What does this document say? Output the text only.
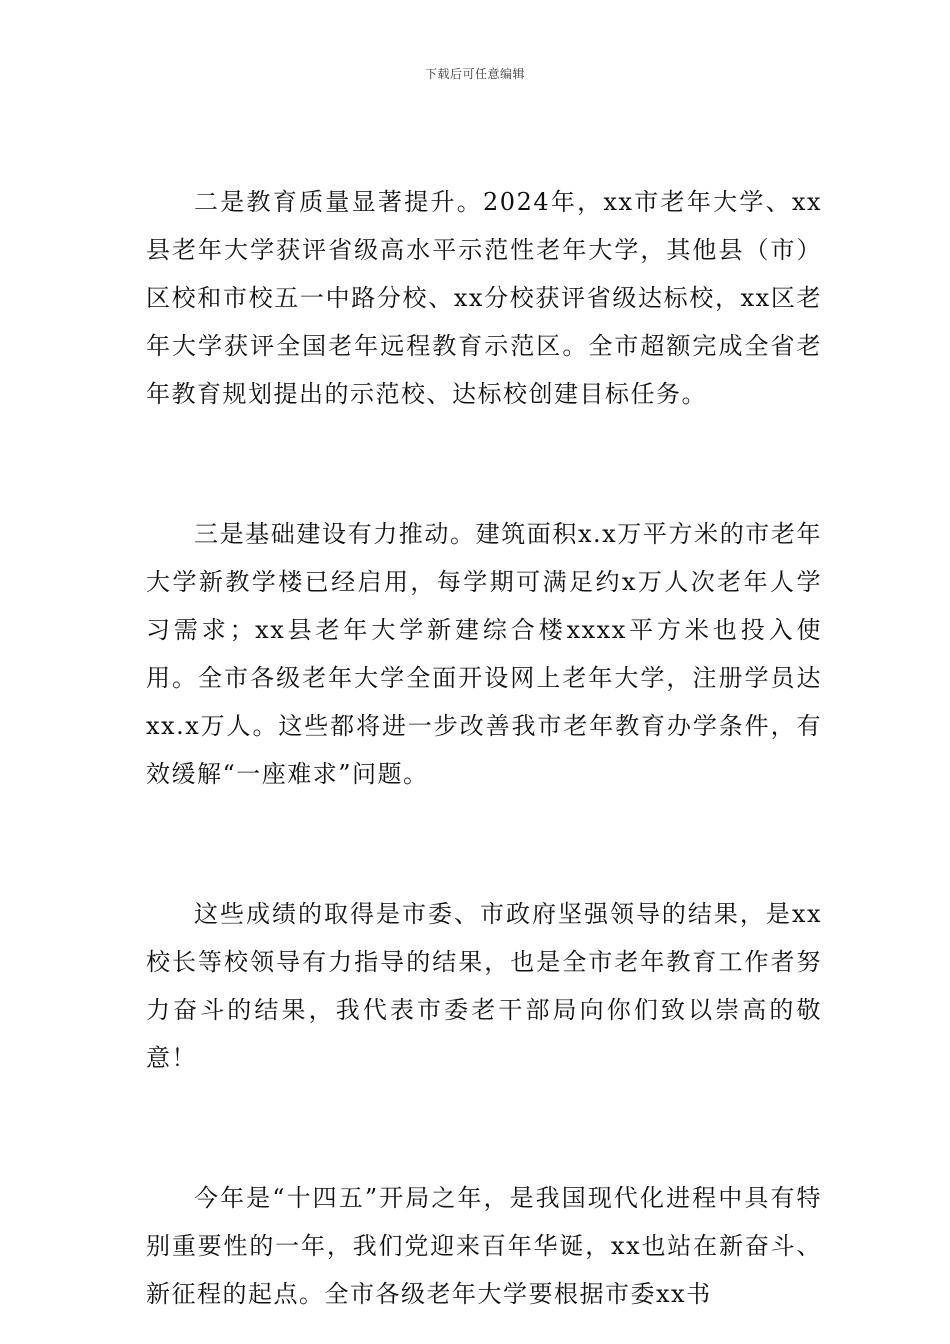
下载后可任意编辑

二是教育质量显著提升。2024年，xx市老年大学、xx县老年大学获评省级高水平示范性老年大学，其他县（市）区校和市校五一中路分校、xx分校获评省级达标校，xx区老年大学获评全国老年远程教育示范区。全市超额完成全省老年教育规划提出的示范校、达标校创建目标任务。

三是基础建设有力推动。建筑面积x.x万平方米的市老年大学新教学楼已经启用，每学期可满足约x万人次老年人学习需求；xx县老年大学新建综合楼xxxx平方米也投入使用。全市各级老年大学全面开设网上老年大学，注册学员达xx.x万人。这些都将进一步改善我市老年教育办学条件，有效缓解“一座难求”问题。

这些成绩的取得是市委、市政府坚强领导的结果，是xx校长等校领导有力指导的结果，也是全市老年教育工作者努力奋斗的结果，我代表市委老干部局向你们致以崇高的敬意！

今年是“十四五”开局之年，是我国现代化进程中具有特别重要性的一年，我们党迎来百年华诞，xx也站在新奋斗、新征程的起点。全市各级老年大学要根据市委xx书
